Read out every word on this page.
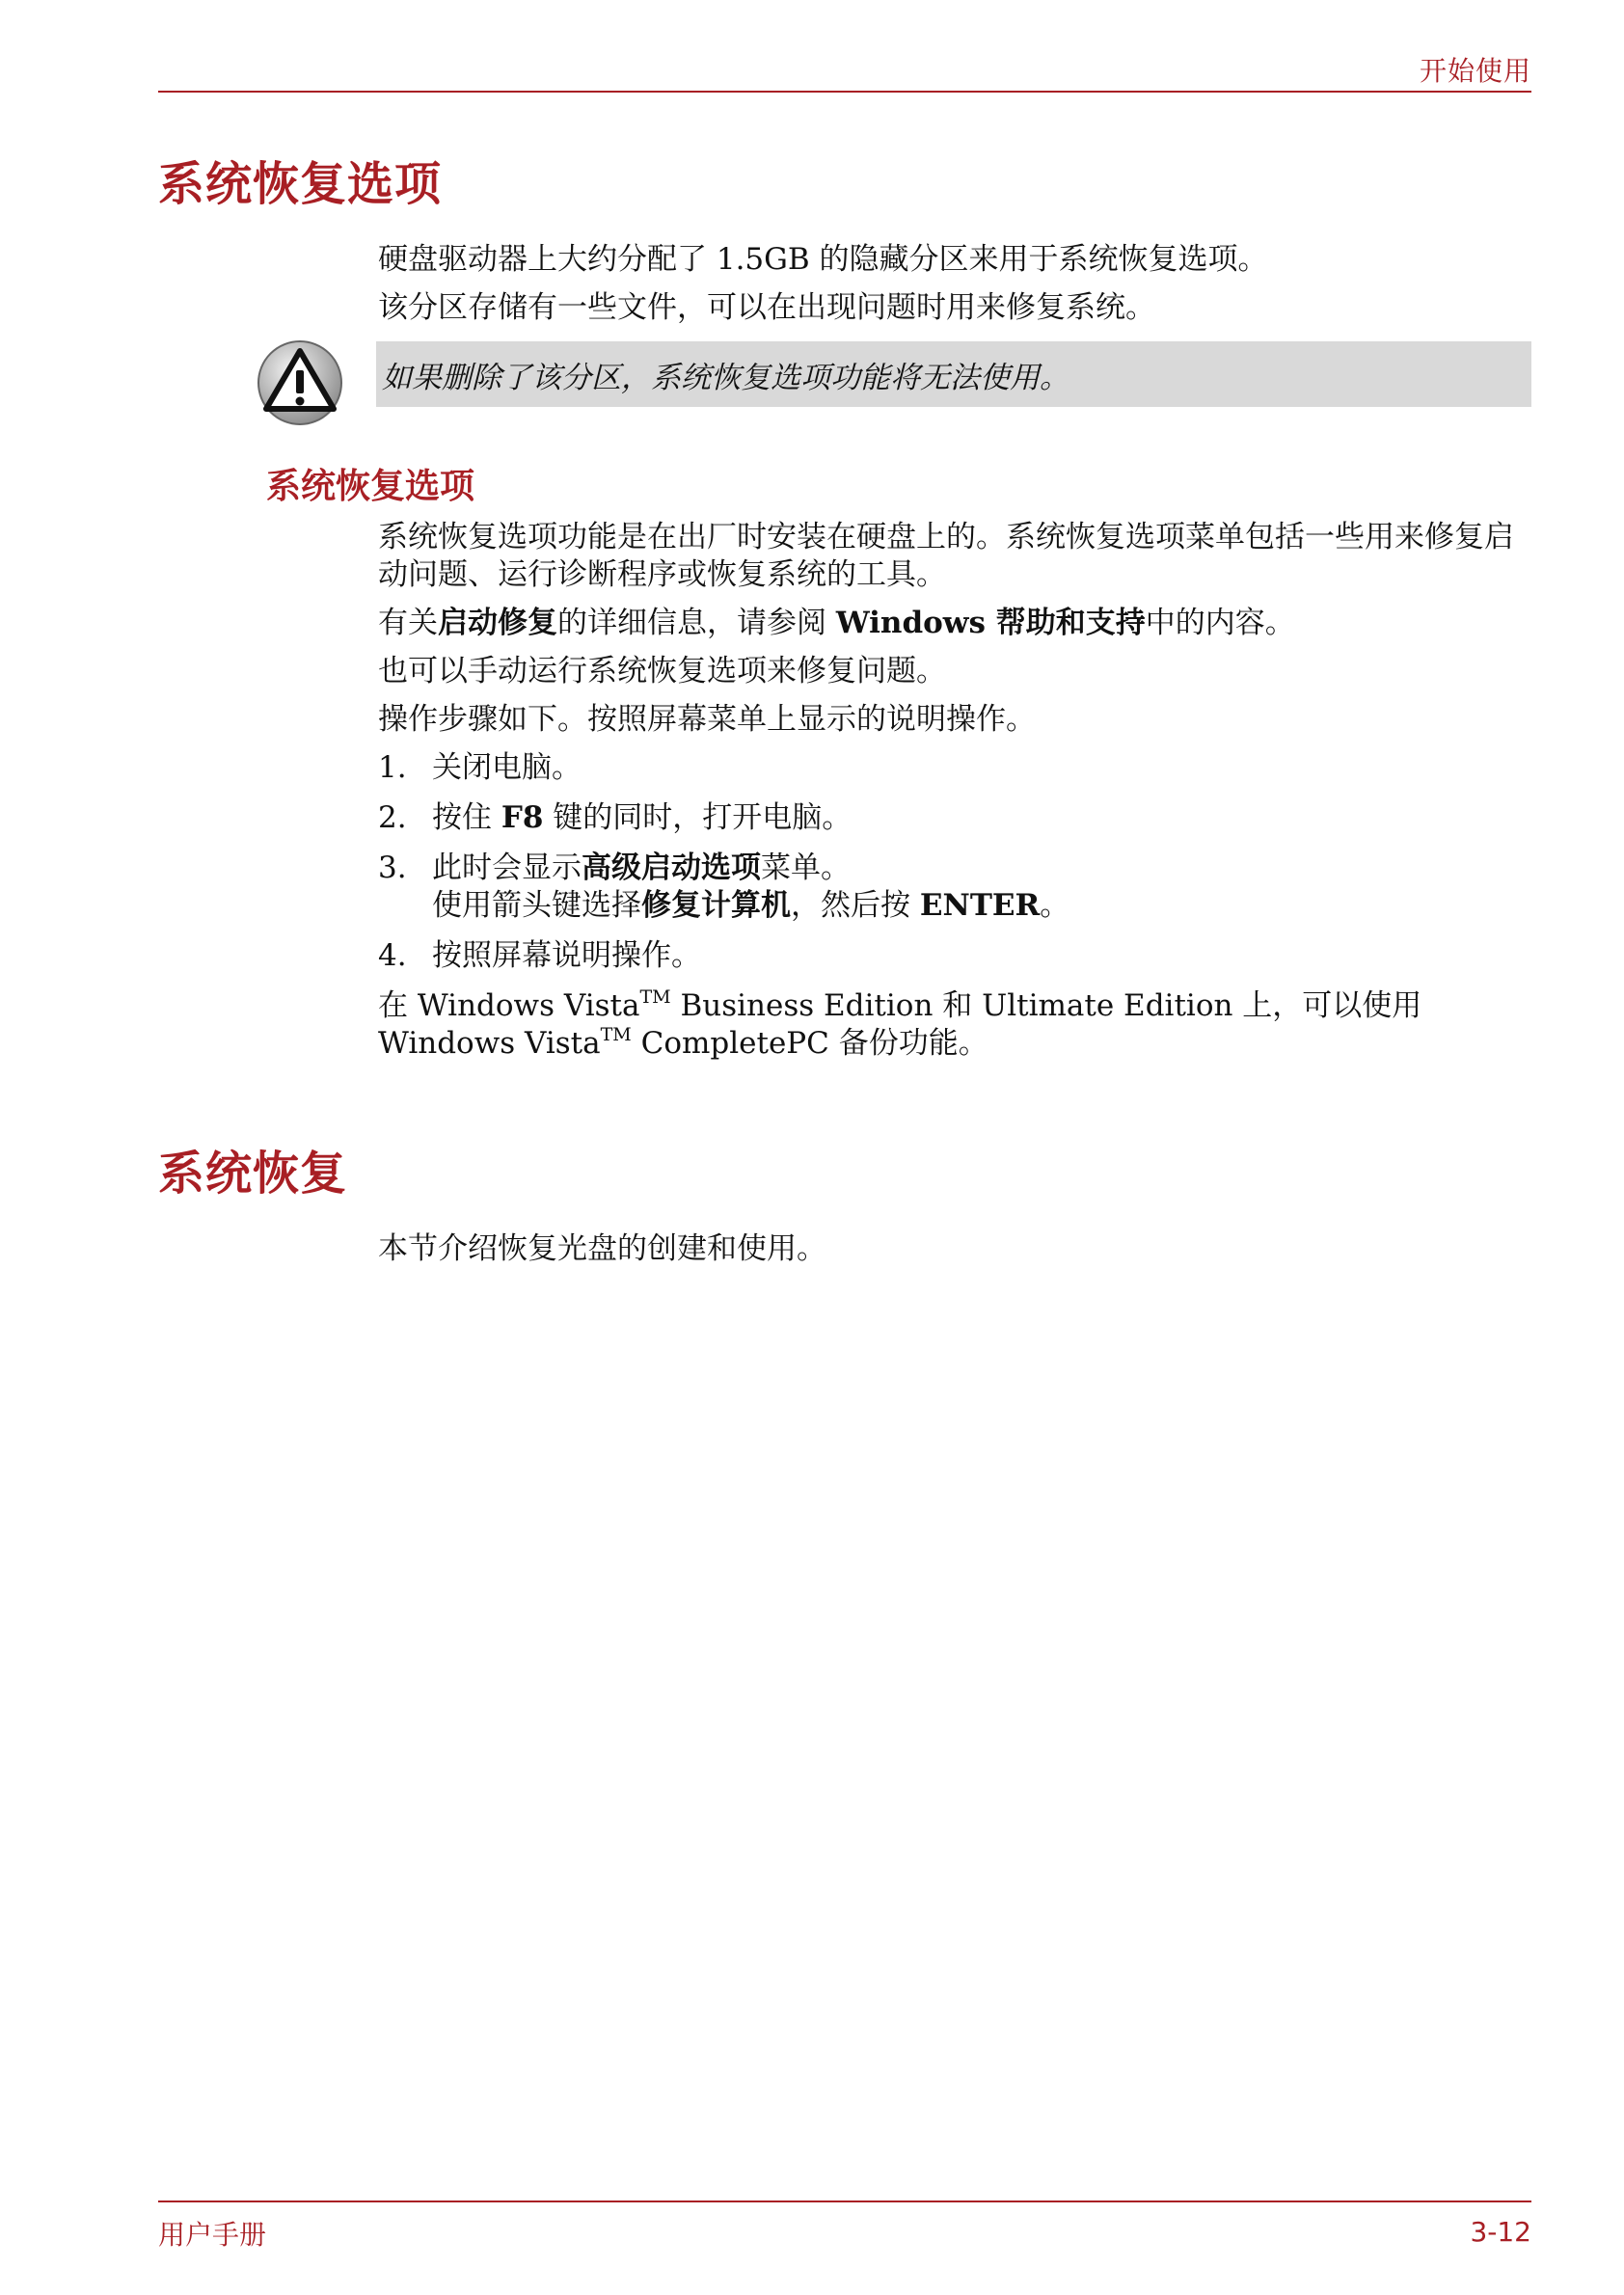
开始使用
系统恢复选项

硬盘驱动器上大约分配了 1.5GB 的隐藏分区来用于系统恢复选项。

该分区存储有一些文件，可以在出现问题时用来修复系统。

如果删除了该分区，系统恢复选项功能将无法使用。
系统恢复选项

系统恢复选项功能是在出厂时安装在硬盘上的。系统恢复选项菜单包括一些用来修复启动问题、运行诊断程序或恢复系统的工具。

有关启动修复的详细信息，请参阅 Windows 帮助和支持中的内容。

也可以手动运行系统恢复选项来修复问题。

操作步骤如下。按照屏幕菜单上显示的说明操作。

1. 关闭电脑。
2. 按住 F8 键的同时，打开电脑。
3. 此时会显示高级启动选项菜单。
使用箭头键选择修复计算机，然后按 ENTER。
4. 按照屏幕说明操作。

在 Windows Vista™ Business Edition 和 Ultimate Edition 上，可以使用 Windows Vista™ CompletePC 备份功能。

系统恢复

本节介绍恢复光盘的创建和使用。

用户手册	3-12
